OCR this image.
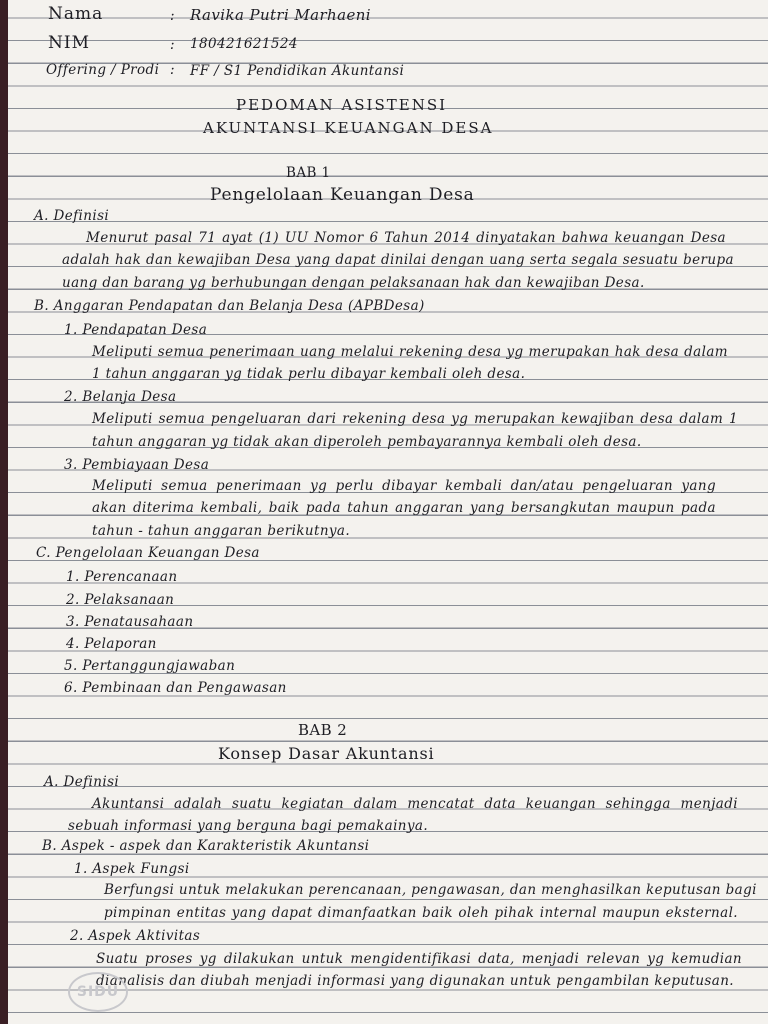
Nama	: Ravika Putri Marhaeni
NIM	: 180421621524
Offering / Prodi : FF / S1 Pendidikan Akuntansi
PEDOMAN ASISTENSI
AKUNTANSI KEUANGAN DESA
BAB 1
Pengelolaan Keuangan Desa
A. Definisi
Menurut pasal 71 ayat (1) UU Nomor 6 Tahun 2014 dinyatakan bahwa keuangan Desa
adalah hak dan kewajiban Desa yang dapat dinilai dengan uang serta segala sesuatu berupa
uang dan barang yg berhubungan dengan pelaksanaan hak dan kewajiban Desa.
B. Anggaran Pendapatan dan Belanja Desa (APBDesa)
1. Pendapatan Desa
Meliputi semua penerimaan uang melalui rekening desa yg merupakan hak desa dalam
1 tahun anggaran yg tidak perlu dibayar kembali oleh desa.
2. Belanja Desa
Meliputi semua pengeluaran dari rekening desa yg merupakan kewajiban desa dalam 1
tahun anggaran yg tidak akan diperoleh pembayarannya kembali oleh desa.
3. Pembiayaan Desa
Meliputi semua penerimaan yg perlu dibayar kembali dan/atau pengeluaran yang
akan diterima kembali, baik pada tahun anggaran yang bersangkutan maupun pada
tahun - tahun anggaran berikutnya.
C. Pengelolaan Keuangan Desa
1. Perencanaan
2. Pelaksanaan
3. Penatausahaan
4. Pelaporan
5. Pertanggungjawaban
6. Pembinaan dan Pengawasan
BAB 2
Konsep Dasar Akuntansi
A. Definisi
Akuntansi adalah suatu kegiatan dalam mencatat data keuangan sehingga menjadi
sebuah informasi yang berguna bagi pemakainya.
B. Aspek - aspek dan Karakteristik Akuntansi
1. Aspek Fungsi
Berfungsi untuk melakukan perencanaan, pengawasan, dan menghasilkan keputusan bagi
pimpinan entitas yang dapat dimanfaatkan baik oleh pihak internal maupun eksternal.
2. Aspek Aktivitas
Suatu proses yg dilakukan untuk mengidentifikasi data, menjadi relevan yg kemudian
dianalisis dan diubah menjadi informasi yang digunakan untuk pengambilan keputusan.
SIDU
